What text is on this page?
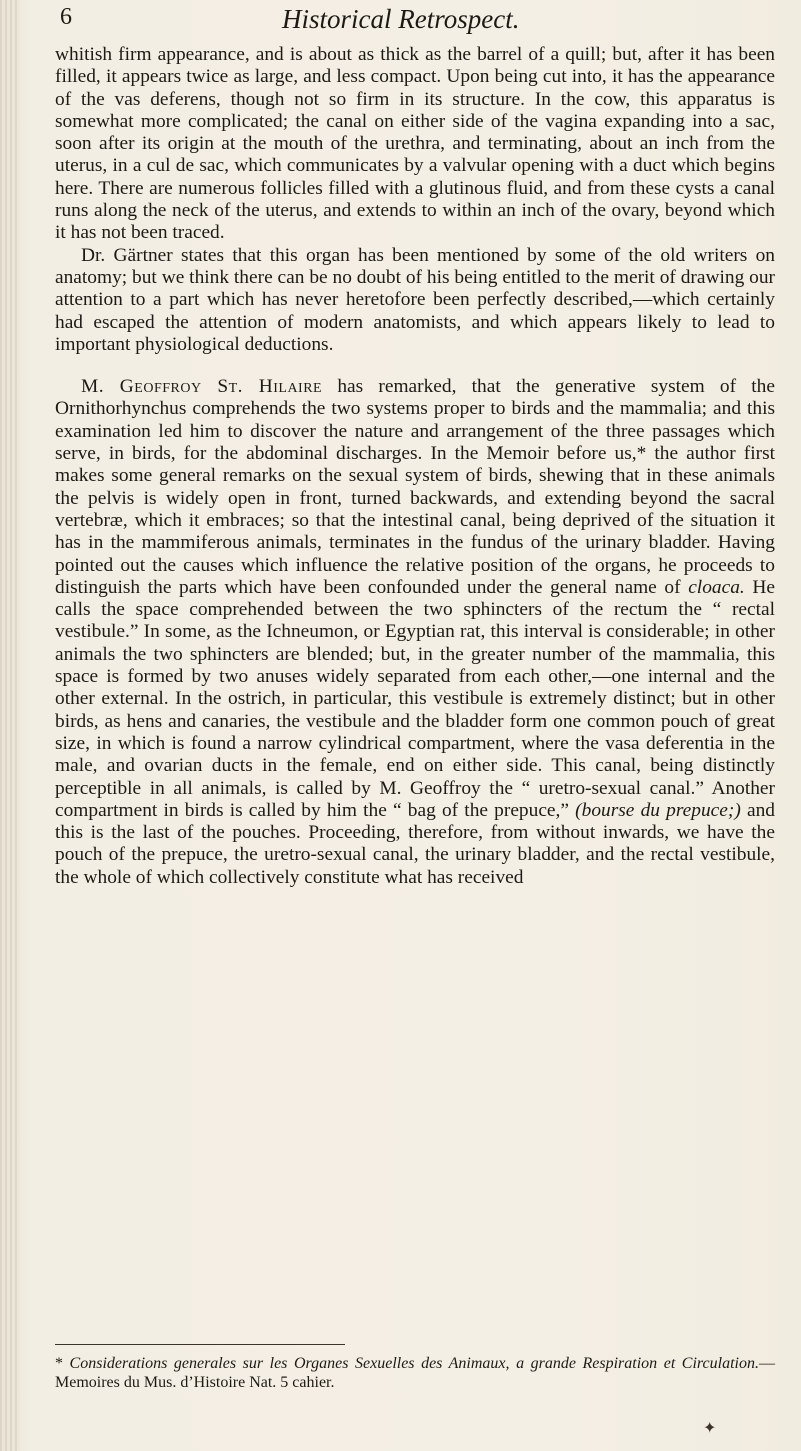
6	Historical Retrospect.

whitish firm appearance, and is about as thick as the barrel of a quill; but, after it has been filled, it appears twice as large, and less compact. Upon being cut into, it has the appearance of the vas deferens, though not so firm in its structure. In the cow, this apparatus is somewhat more complicated; the canal on either side of the vagina expanding into a sac, soon after its origin at the mouth of the urethra, and terminating, about an inch from the uterus, in a cul de sac, which communicates by a valvular opening with a duct which begins here. There are numerous follicles filled with a glutinous fluid, and from these cysts a canal runs along the neck of the uterus, and extends to within an inch of the ovary, beyond which it has not been traced.

Dr. Gärtner states that this organ has been mentioned by some of the old writers on anatomy; but we think there can be no doubt of his being entitled to the merit of drawing our attention to a part which has never heretofore been perfectly described,—which certainly had escaped the attention of modern anatomists, and which appears likely to lead to important physiological deductions.

M. Geoffroy St. Hilaire has remarked, that the generative system of the Ornithorhynchus comprehends the two systems proper to birds and the mammalia; and this examination led him to discover the nature and arrangement of the three passages which serve, in birds, for the abdominal discharges. In the Memoir before us,* the author first makes some general remarks on the sexual system of birds, shewing that in these animals the pelvis is widely open in front, turned backwards, and extending beyond the sacral vertebræ, which it embraces; so that the intestinal canal, being deprived of the situation it has in the mammiferous animals, terminates in the fundus of the urinary bladder. Having pointed out the causes which influence the relative position of the organs, he proceeds to distinguish the parts which have been confounded under the general name of cloaca. He calls the space comprehended between the two sphincters of the rectum the “ rectal vestibule.” In some, as the Ichneumon, or Egyptian rat, this interval is considerable; in other animals the two sphincters are blended; but, in the greater number of the mammalia, this space is formed by two anuses widely separated from each other,—one internal and the other external. In the ostrich, in particular, this vestibule is extremely distinct; but in other birds, as hens and canaries, the vestibule and the bladder form one common pouch of great size, in which is found a narrow cylindrical compartment, where the vasa deferentia in the male, and ovarian ducts in the female, end on either side. This canal, being distinctly perceptible in all animals, is called by M. Geoffroy the “ uretro-sexual canal.” Another compartment in birds is called by him the “ bag of the prepuce,” (bourse du prepuce;) and this is the last of the pouches. Proceeding, therefore, from without inwards, we have the pouch of the prepuce, the uretro-sexual canal, the urinary bladder, and the rectal vestibule, the whole of which collectively constitute what has received

* Considerations generales sur les Organes Sexuelles des Animaux, a grande Respiration et Circulation.—Memoires du Mus. d’Histoire Nat. 5 cahier.
✦
